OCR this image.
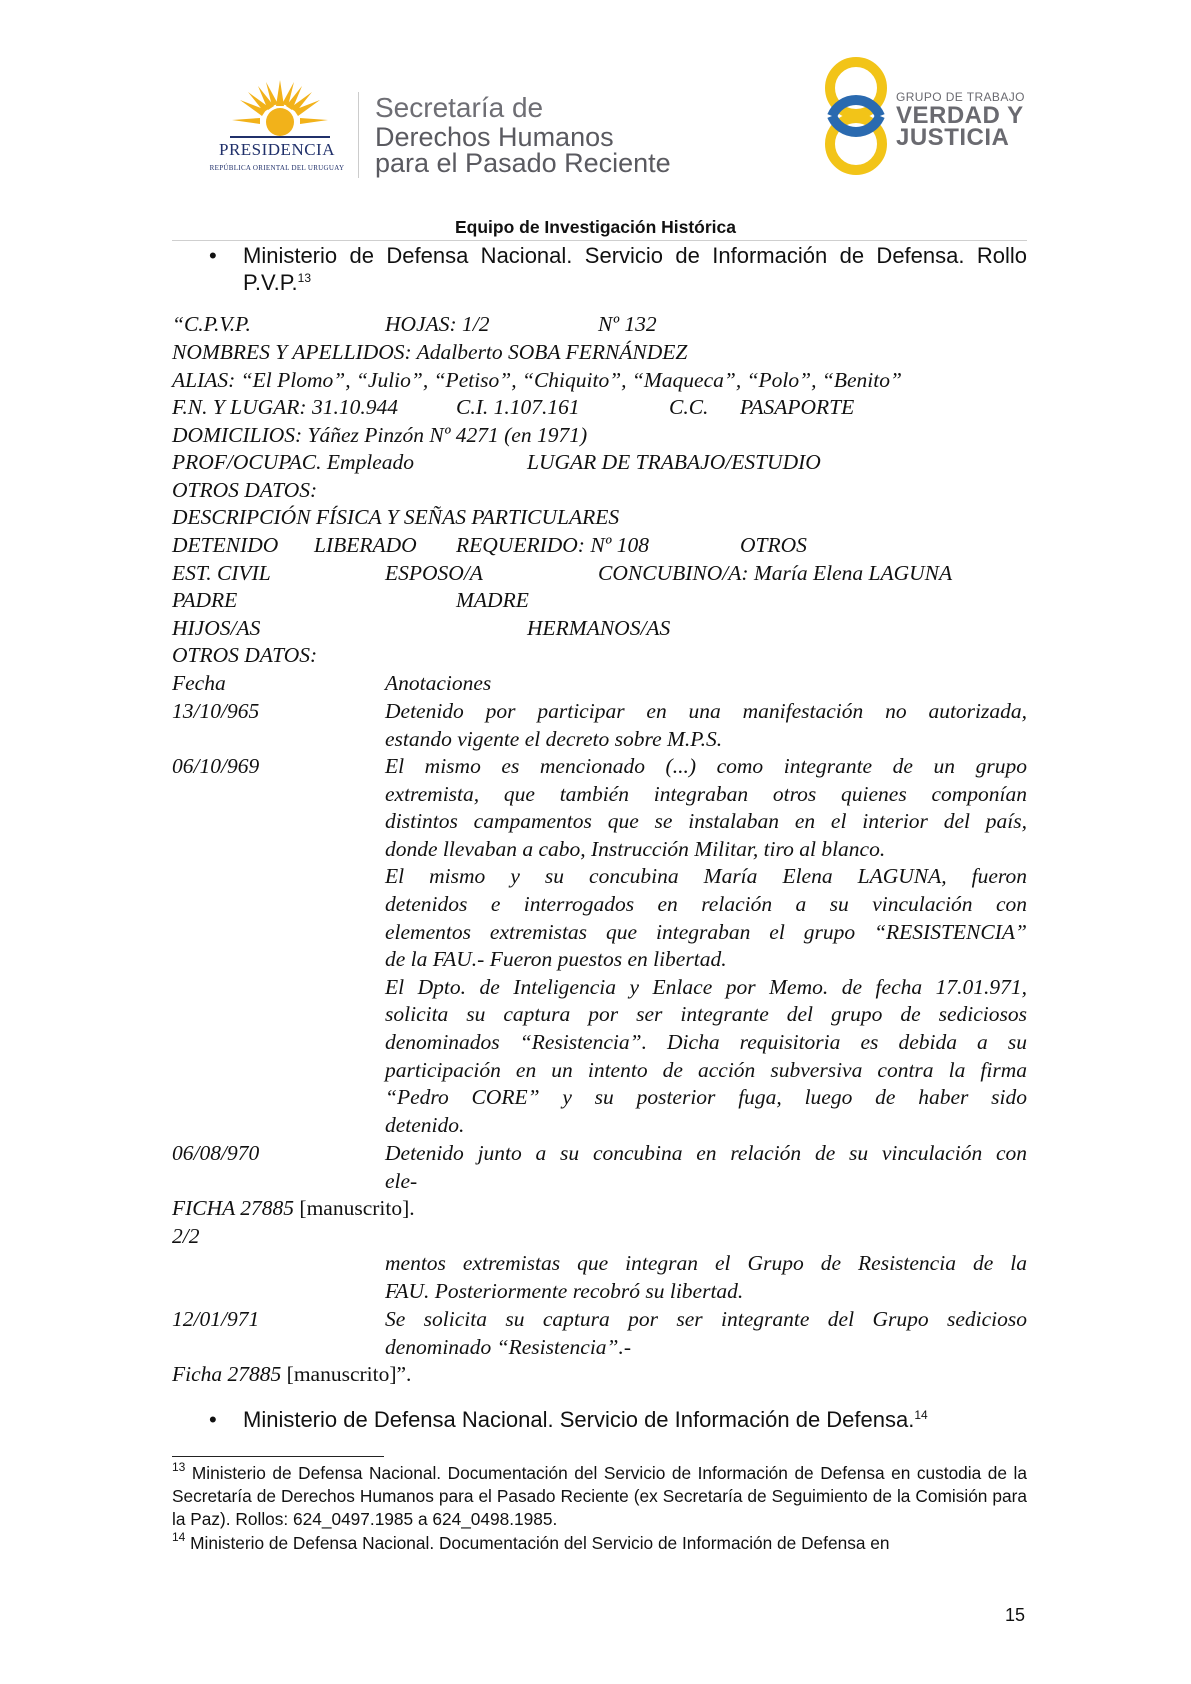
PRESIDENCIA
REPÚBLICA ORIENTAL DEL URUGUAY
Secretaría de
Derechos Humanos
para el Pasado Reciente
GRUPO DE TRABAJO
VERDAD Y
JUSTICIA
Equipo de Investigación Histórica
• Ministerio de Defensa Nacional. Servicio de Información de Defensa. Rollo P.V.P.$^{13}$
“C.P.V.P.	HOJAS: 1/2	Nº 132
NOMBRES Y APELLIDOS: Adalberto SOBA FERNÁNDEZ
ALIAS: “El Plomo”, “Julio”, “Petiso”, “Chiquito”, “Maqueca”, “Polo”, “Benito”
F.N. Y LUGAR: 31.10.944	C.I. 1.107.161	C.C. PASAPORTE
DOMICILIOS: Yáñez Pinzón Nº 4271 (en 1971)
PROF/OCUPAC. Empleado	LUGAR DE TRABAJO/ESTUDIO
OTROS DATOS:
DESCRIPCIÓN FÍSICA Y SEÑAS PARTICULARES
DETENIDO LIBERADO REQUERIDO: Nº 108	OTROS
EST. CIVIL	ESPOSO/A	CONCUBINO/A: María Elena LAGUNA
PADRE	MADRE
HIJOS/AS	HERMANOS/AS
OTROS DATOS:
Fecha	Anotaciones
13/10/965	Detenido por participar en una manifestación no autorizada,
estando vigente el decreto sobre M.P.S.
06/10/969	El mismo es mencionado (...) como integrante de un grupo
extremista, que también integraban otros quienes componían
distintos campamentos que se instalaban en el interior del país,
donde llevaban a cabo, Instrucción Militar, tiro al blanco.
El mismo y su concubina María Elena LAGUNA, fueron
detenidos e interrogados en relación a su vinculación con
elementos extremistas que integraban el grupo “RESISTENCIA”
de la FAU.- Fueron puestos en libertad.
El Dpto. de Inteligencia y Enlace por Memo. de fecha 17.01.971,
solicita su captura por ser integrante del grupo de sediciosos
denominados “Resistencia”. Dicha requisitoria es debida a su
participación en un intento de acción subversiva contra la firma
“Pedro CORE” y su posterior fuga, luego de haber sido
detenido.
06/08/970	Detenido junto a su concubina en relación de su vinculación con
ele-
FICHA 27885 [manuscrito].
2/2
mentos extremistas que integran el Grupo de Resistencia de la
FAU. Posteriormente recobró su libertad.
12/01/971	Se solicita su captura por ser integrante del Grupo sedicioso
denominado “Resistencia”.-
Ficha 27885 [manuscrito]”.
• Ministerio de Defensa Nacional. Servicio de Información de Defensa.$^{14}$
$^{13}$ Ministerio de Defensa Nacional. Documentación del Servicio de Información de Defensa en custodia de la Secretaría de Derechos Humanos para el Pasado Reciente (ex Secretaría de Seguimiento de la Comisión para la Paz). Rollos: 624_0497.1985 a 624_0498.1985.
$^{14}$ Ministerio de Defensa Nacional. Documentación del Servicio de Información de Defensa en
15
